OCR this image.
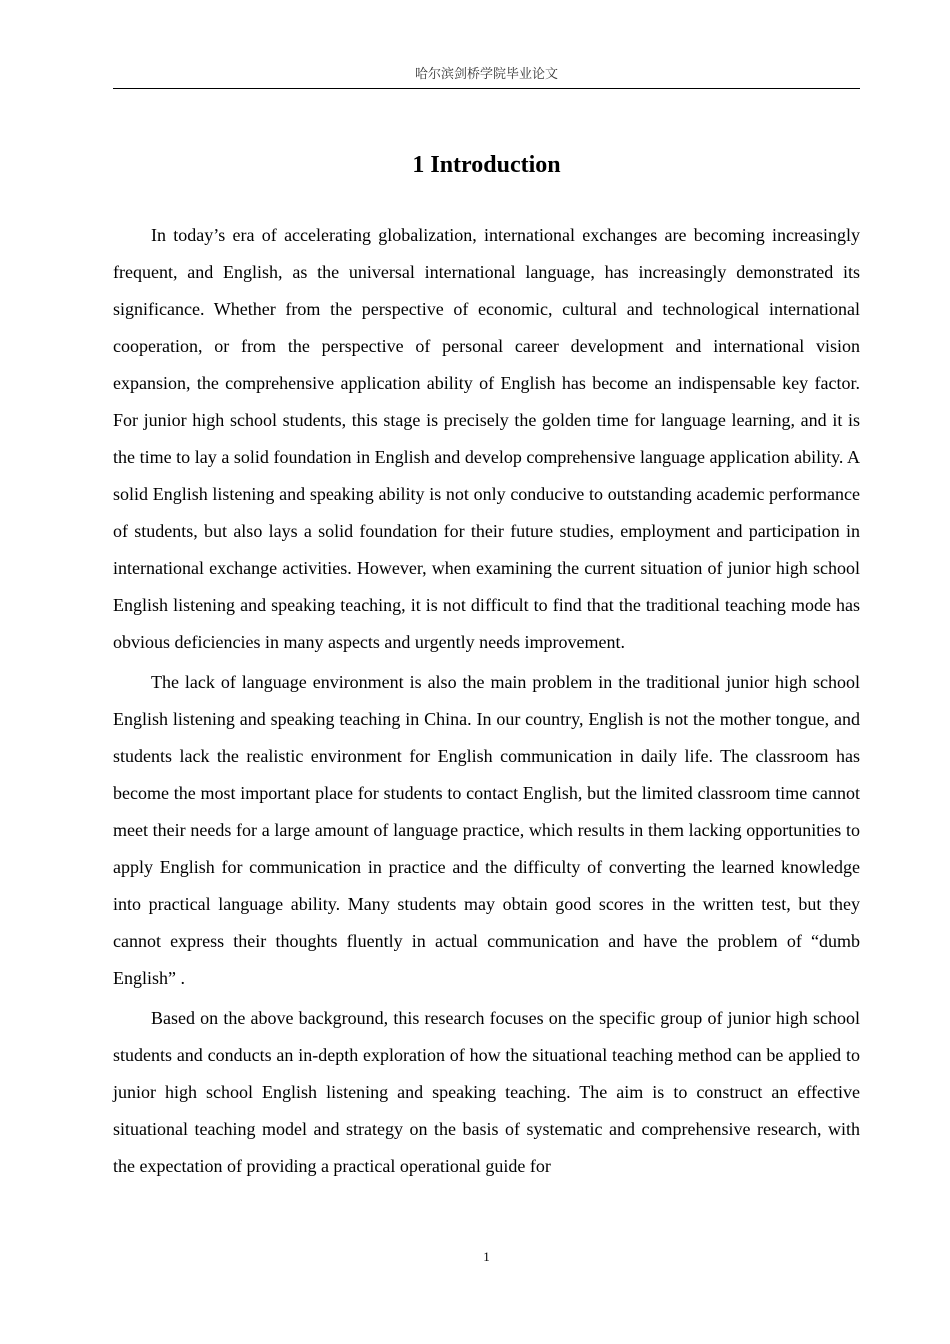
哈尔滨剑桥学院毕业论文
1 Introduction

In today’s era of accelerating globalization, international exchanges are becoming increasingly frequent, and English, as the universal international language, has increasingly demonstrated its significance. Whether from the perspective of economic, cultural and technological international cooperation, or from the perspective of personal career development and international vision expansion, the comprehensive application ability of English has become an indispensable key factor. For junior high school students, this stage is precisely the golden time for language learning, and it is the time to lay a solid foundation in English and develop comprehensive language application ability. A solid English listening and speaking ability is not only conducive to outstanding academic performance of students, but also lays a solid foundation for their future studies, employment and participation in international exchange activities. However, when examining the current situation of junior high school English listening and speaking teaching, it is not difficult to find that the traditional teaching mode has obvious deficiencies in many aspects and urgently needs improvement.

The lack of language environment is also the main problem in the traditional junior high school English listening and speaking teaching in China. In our country, English is not the mother tongue, and students lack the realistic environment for English communication in daily life. The classroom has become the most important place for students to contact English, but the limited classroom time cannot meet their needs for a large amount of language practice, which results in them lacking opportunities to apply English for communication in practice and the difficulty of converting the learned knowledge into practical language ability. Many students may obtain good scores in the written test, but they cannot express their thoughts fluently in actual communication and have the problem of “dumb English” .

Based on the above background, this research focuses on the specific group of junior high school students and conducts an in-depth exploration of how the situational teaching method can be applied to junior high school English listening and speaking teaching. The aim is to construct an effective situational teaching model and strategy on the basis of systematic and comprehensive research, with the expectation of providing a practical operational guide for

1
